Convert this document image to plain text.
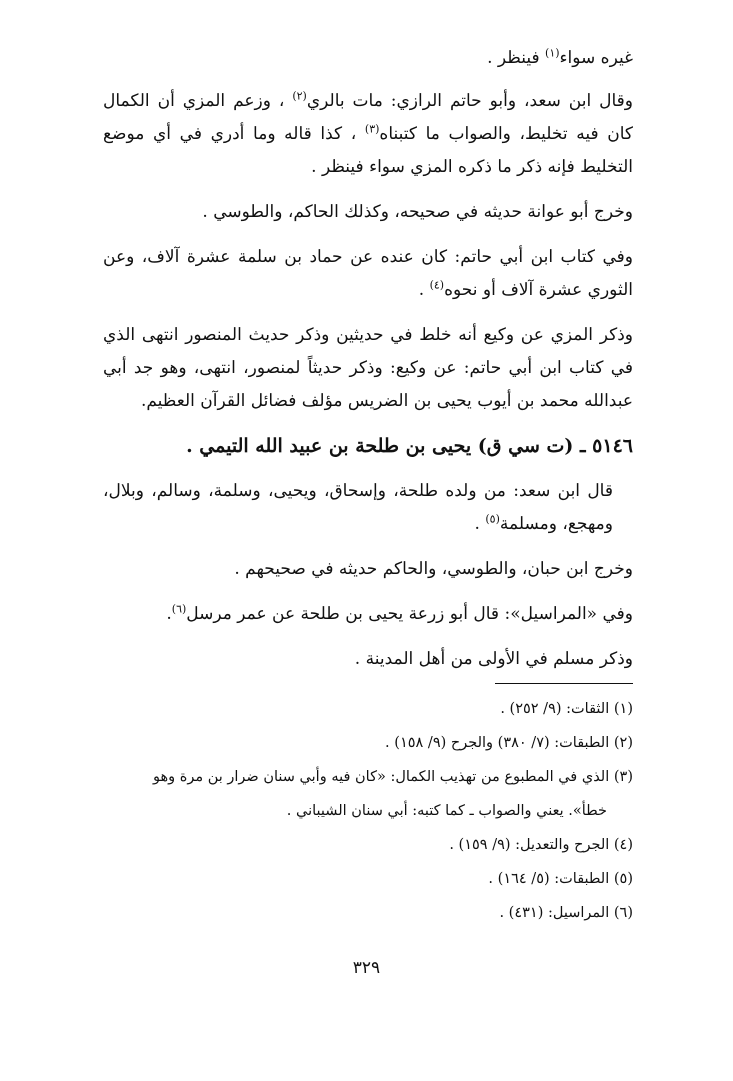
غيره سواء$^{(١)}$ فينظر .

وقال ابن سعد، وأبو حاتم الرازي: مات بالري$^{(٢)}$ ، وزعم المزي أن الكمال كان فيه تخليط، والصواب ما كتبناه$^{(٣)}$ ، كذا قاله وما أدري في أي موضع التخليط فإنه ذكر ما ذكره المزي سواء فينظر .

وخرج أبو عوانة حديثه في صحيحه، وكذلك الحاكم، والطوسي .

وفي كتاب ابن أبي حاتم: كان عنده عن حماد بن سلمة عشرة آلاف، وعن الثوري عشرة آلاف أو نحوه$^{(٤)}$ .

وذكر المزي عن وكيع أنه خلط في حديثين وذكر حديث المنصور انتهى الذي في كتاب ابن أبي حاتم: عن وكيع: وذكر حديثاً لمنصور، انتهى، وهو جد أبي عبدالله محمد بن أيوب يحيى بن الضريس مؤلف فضائل القرآن العظيم.

٥١٤٦ ـ (ت سي ق) يحيى بن طلحة بن عبيد الله التيمي .

قال ابن سعد: من ولده طلحة، وإسحاق، ويحيى، وسلمة، وسالم، وبلال، ومهجع، ومسلمة$^{(٥)}$ .

وخرج ابن حبان، والطوسي، والحاكم حديثه في صحيحهم .

وفي «المراسيل»: قال أبو زرعة يحيى بن طلحة عن عمر مرسل$^{(٦)}$.

وذكر مسلم في الأولى من أهل المدينة .

(١) الثقات: (٩/ ٢٥٢) .

(٢) الطبقات: (٧/ ٣٨٠) والجرح (٩/ ١٥٨) .

(٣) الذي في المطبوع من تهذيب الكمال: «كان فيه وأبي سنان ضرار بن مرة وهو

خطأ». يعني والصواب ـ كما كتبه: أبي سنان الشيباني .

(٤) الجرح والتعديل: (٩/ ١٥٩) .

(٥) الطبقات: (٥/ ١٦٤) .

(٦) المراسيل: (٤٣١) .

٣٢٩
